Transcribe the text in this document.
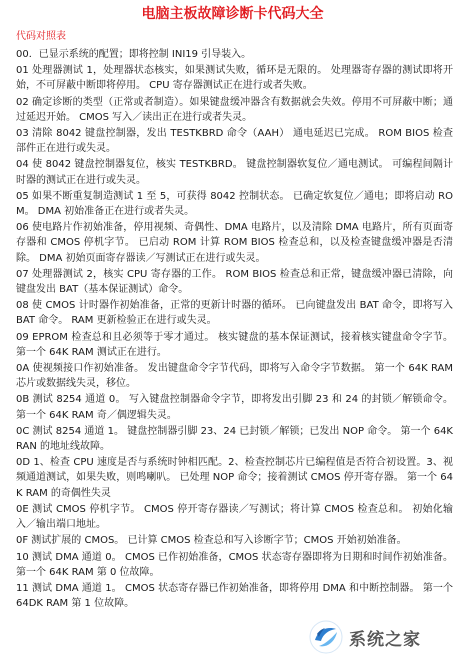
电脑主板故障诊断卡代码大全
代码对照表
00．已显示系统的配置；即将控制 INI19 引导装入。
01 处理器测试 1，处理器状态核实，如果测试失败，循环是无限的。 处理器寄存器的测试即将开始，不可屏蔽中断即将停用。 CPU 寄存器测试正在进行或者失败。
02 确定诊断的类型（正常或者制造）。如果键盘缓冲器含有数据就会失效。停用不可屏蔽中断；通过延迟开始。 CMOS 写入／读出正在进行或者失灵。
03 清除 8042 键盘控制器，发出 TESTKBRD 命令（AAH） 通电延迟已完成。 ROM BIOS 检查部件正在进行或失灵。
04 使 8042 键盘控制器复位，核实 TESTKBRD。 键盘控制器软复位／通电测试。 可编程间隔计时器的测试正在进行或失灵。
05 如果不断重复制造测试 1 至 5，可获得 8042 控制状态。 已确定软复位／通电；即将启动 ROM。 DMA 初始准备正在进行或者失灵。
06 使电路片作初始准备，停用视频、奇偶性、DMA 电路片，以及清除 DMA 电路片，所有页面寄存器和 CMOS 停机字节。 已启动 ROM 计算 ROM BIOS 检查总和，以及检查键盘缓冲器是否清除。 DMA 初始页面寄存器读／写测试正在进行或失灵。
07 处理器测试 2，核实 CPU 寄存器的工作。 ROM BIOS 检查总和正常，键盘缓冲器已清除，向键盘发出 BAT（基本保证测试）命令。
08 使 CMOS 计时器作初始准备，正常的更新计时器的循环。 已向键盘发出 BAT 命令，即将写入 BAT 命令。 RAM 更新检验正在进行或失灵。
09 EPROM 检查总和且必须等于零才通过。 核实键盘的基本保证测试，接着核实键盘命令字节。 第一个 64K RAM 测试正在进行。
0A 使视频接口作初始准备。 发出键盘命令字节代码，即将写入命令字节数据。 第一个 64K RAM 芯片或数据线失灵，移位。
0B 测试 8254 通道 0。 写入键盘控制器命令字节，即将发出引脚 23 和 24 的封锁／解锁命令。 第一个 64K RAM 奇／偶逻辑失灵。
0C 测试 8254 通道 1。 键盘控制器引脚 23、24 已封锁／解锁；已发出 NOP 命令。 第一个 64K RAN 的地址线故障。
0D 1、检查 CPU 速度是否与系统时钟相匹配。2、检查控制芯片已编程值是否符合初设置。3、视频通道测试，如果失败，则鸣喇叭。 已处理 NOP 命令；接着测试 CMOS 停开寄存器。 第一个 64K RAM 的奇偶性失灵
0E 测试 CMOS 停机字节。 CMOS 停开寄存器读／写测试；将计算 CMOS 检查总和。 初始化输入／输出端口地址。
0F 测试扩展的 CMOS。 已计算 CMOS 检查总和写入诊断字节；CMOS 开始初始准备。
10 测试 DMA 通道 0。 CMOS 已作初始准备，CMOS 状态寄存器即将为日期和时间作初始准备。 第一个 64K RAM 第 0 位故障。
11 测试 DMA 通道 1。 CMOS 状态寄存器已作初始准备，即将停用 DMA 和中断控制器。 第一个 64DK RAM 第 1 位故障。
系统之家
